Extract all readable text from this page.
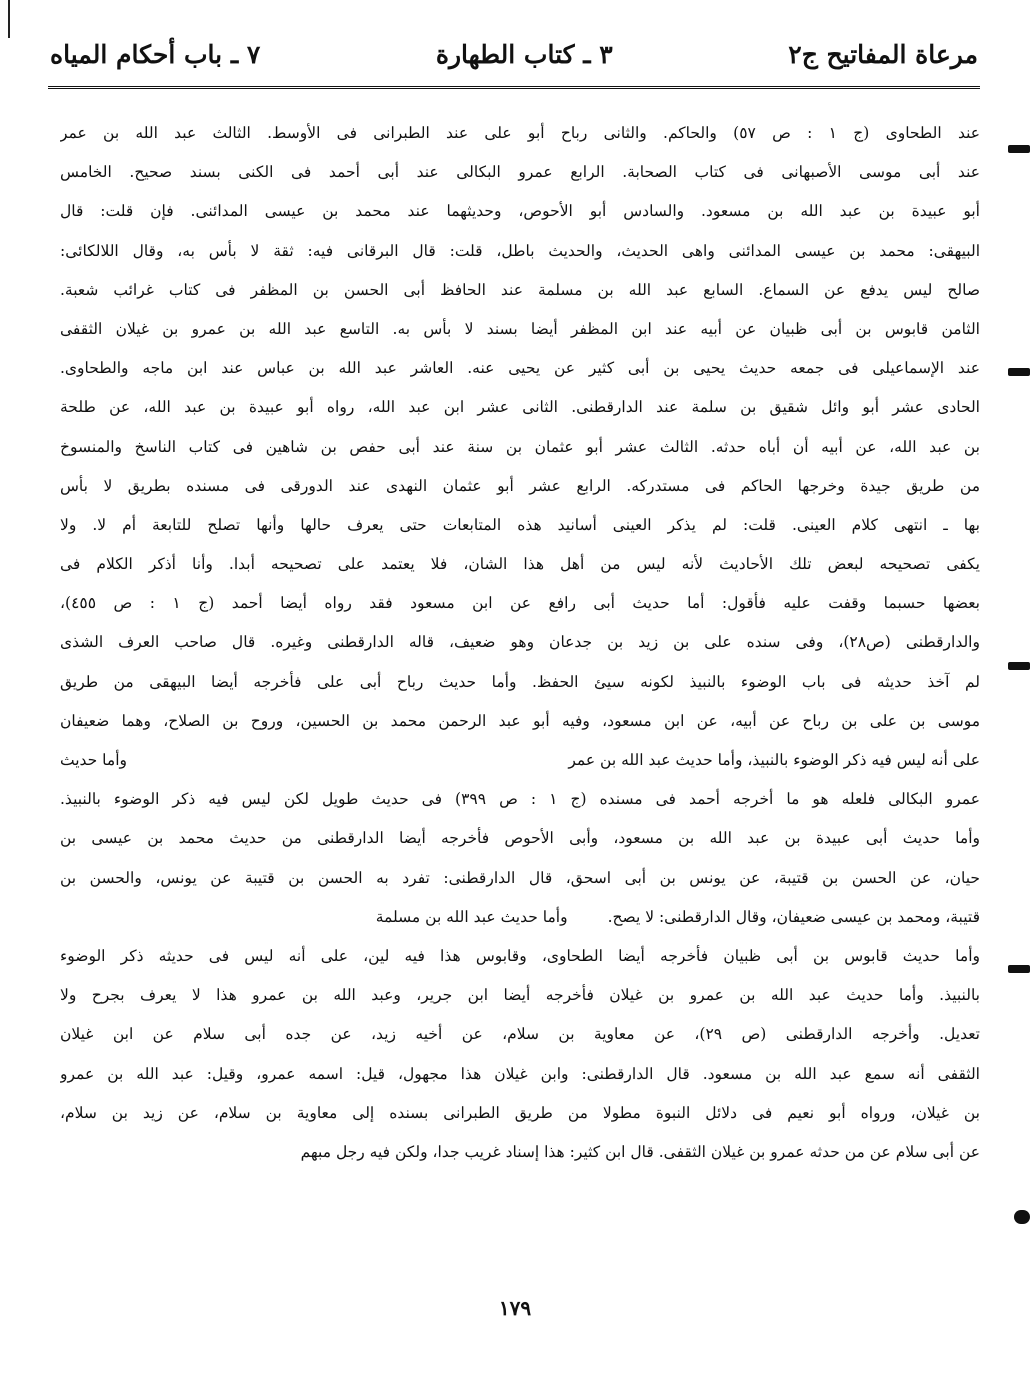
مرعاة المفاتيح ج٢
٣ ـ كتاب الطهارة
٧ ـ باب أحكام المياه
عند الطحاوى (ج ١ : ص ٥٧) والحاكم. والثانى رباح أبو على عند الطبرانى فى الأوسط. الثالث عبد الله بن عمر
عند أبى موسى الأصبهانى فى كتاب الصحابة. الرابع عمرو البكالى عند أبى أحمد فى الكنى بسند صحيح. الخامس
أبو عبيدة بن عبد الله بن مسعود. والسادس أبو الأحوص، وحديثهما عند محمد بن عيسى المدائنى. فإن قلت: قال
البيهقى: محمد بن عيسى المدائنى واهى الحديث، والحديث باطل، قلت: قال البرقانى فيه: ثقة لا بأس به، وقال اللالكائى:
صالح ليس يدفع عن السماع. السابع عبد الله بن مسلمة عند الحافظ أبى الحسن بن المظفر فى كتاب غرائب شعبة.
الثامن قابوس بن أبى ظبيان عن أبيه عند ابن المظفر أيضا بسند لا بأس به. التاسع عبد الله بن عمرو بن غيلان الثقفى
عند الإسماعيلى فى جمعه حديث يحيى بن أبى كثير عن يحيى عنه. العاشر عبد الله بن عباس عند ابن ماجه والطحاوى.
الحادى عشر أبو وائل شقيق بن سلمة عند الدارقطنى. الثانى عشر ابن عبد الله، رواه أبو عبيدة بن عبد الله، عن طلحة
بن عبد الله، عن أبيه أن أباه حدثه. الثالث عشر أبو عثمان بن سنة عند أبى حفص بن شاهين فى كتاب الناسخ والمنسوخ
من طريق جيدة وخرجها الحاكم فى مستدركه. الرابع عشر أبو عثمان النهدى عند الدورقى فى مسنده بطريق لا بأس
بها ـ انتهى كلام العينى. قلت: لم يذكر العينى أسانيد هذه المتابعات حتى يعرف حالها وأنها تصلح للتابعة أم لا. ولا
يكفى تصحيحه لبعض تلك الأحاديث لأنه ليس من أهل هذا الشان، فلا يعتمد على تصحيحه أبدا. وأنا أذكر الكلام فى
بعضها حسبما وقفت عليه فأقول: أما حديث أبى رافع عن ابن مسعود فقد رواه أيضا أحمد (ج ١ : ص ٤٥٥)،
والدارقطنى (ص٢٨)، وفى سنده على بن زيد بن جدعان وهو ضعيف، قاله الدارقطنى وغيره. قال صاحب العرف الشذى
لم آخذ حديثه فى باب الوضوء بالنبيذ لكونه سيئ الحفظ. وأما حديث رباح أبى على فأخرجه أيضا البيهقى من طريق
موسى بن على بن رباح عن أبيه، عن ابن مسعود، وفيه أبو عبد الرحمن محمد بن الحسين، وروح بن الصلاح، وهما ضعيفان
على أنه ليس فيه ذكر الوضوء بالنبيذ، وأما حديث عبد الله بن عمر
وأما حديث
عمرو البكالى فلعله هو ما أخرجه أحمد فى مسنده (ج ١ : ص ٣٩٩) فى حديث طويل لكن ليس فيه ذكر الوضوء بالنبيذ.
وأما حديث أبى عبيدة بن عبد الله بن مسعود، وأبى الأحوص فأخرجه أيضا الدارقطنى من حديث محمد بن عيسى بن
حيان، عن الحسن بن قتيبة، عن يونس بن أبى اسحق، قال الدارقطنى: تفرد به الحسن بن قتيبة عن يونس، والحسن بن
قتيبة، ومحمد بن عيسى ضعيفان، وقال الدارقطنى: لا يصح.
وأما حديث عبد الله بن مسلمة
وأما حديث قابوس بن أبى ظبيان فأخرجه أيضا الطحاوى، وقابوس هذا فيه لين، على أنه ليس فى حديثه ذكر الوضوء
بالنبيذ. وأما حديث عبد الله بن عمرو بن غيلان فأخرجه أيضا ابن جرير، وعبد الله بن عمرو هذا لا يعرف بجرح ولا
تعديل. وأخرجه الدارقطنى (ص ٢٩)، عن معاوية بن سلام، عن أخيه زيد، عن جده أبى سلام عن ابن غيلان
الثقفى أنه سمع عبد الله بن مسعود. قال الدارقطنى: وابن غيلان هذا مجهول، قيل: اسمه عمرو، وقيل: عبد الله بن عمرو
بن غيلان، ورواه أبو نعيم فى دلائل النبوة مطولا من طريق الطبرانى بسنده إلى معاوية بن سلام، عن زيد بن سلام،
عن أبى سلام عن من حدثه عمرو بن غيلان الثقفى. قال ابن كثير: هذا إسناد غريب جدا، ولكن فيه رجل مبهم
١٧٩
